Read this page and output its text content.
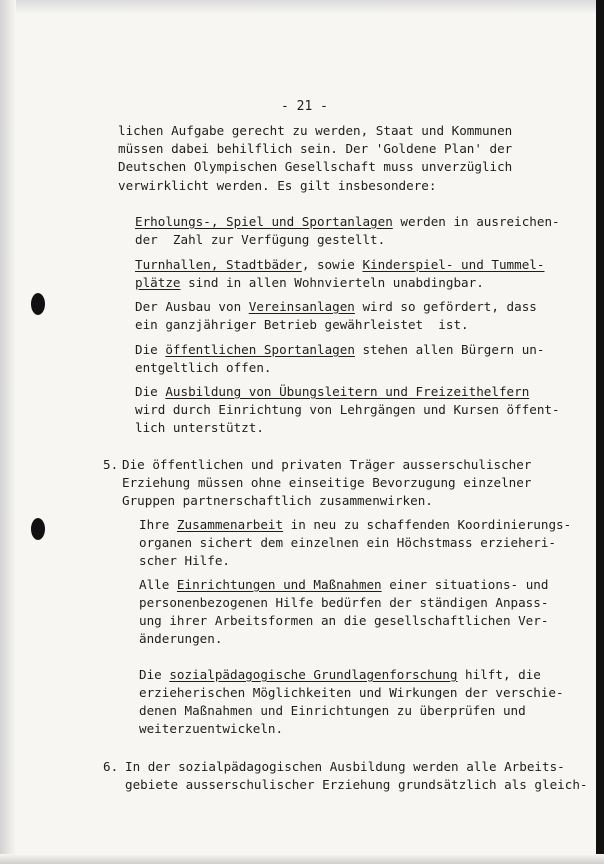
- 21 -
lichen Aufgabe gerecht zu werden, Staat und Kommunen
müssen dabei behilflich sein. Der 'Goldene Plan' der
Deutschen Olympischen Gesellschaft muss unverzüglich
verwirklicht werden. Es gilt insbesondere:
Erholungs-, Spiel und Sportanlagen werden in ausreichen-
der  Zahl zur Verfügung gestellt.
Turnhallen, Stadtbäder, sowie Kinderspiel- und Tummel-
plätze sind in allen Wohnvierteln unabdingbar.
Der Ausbau von Vereinsanlagen wird so gefördert, dass
ein ganzjähriger Betrieb gewährleistet  ist.
Die öffentlichen Sportanlagen stehen allen Bürgern un-
entgeltlich offen.
Die Ausbildung von Übungsleitern und Freizeithelfern
wird durch Einrichtung von Lehrgängen und Kursen öffent-
lich unterstützt.
5. Die öffentlichen und privaten Träger ausserschulischer
Erziehung müssen ohne einseitige Bevorzugung einzelner
Gruppen partnerschaftlich zusammenwirken.
Ihre Zusammenarbeit in neu zu schaffenden Koordinierungs-
organen sichert dem einzelnen ein Höchstmass erzieheri-
scher Hilfe.
Alle Einrichtungen und Maßnahmen einer situations- und
personenbezogenen Hilfe bedürfen der ständigen Anpass-
ung ihrer Arbeitsformen an die gesellschaftlichen Ver-
änderungen.
Die sozialpädagogische Grundlagenforschung hilft, die
erzieherischen Möglichkeiten und Wirkungen der verschie-
denen Maßnahmen und Einrichtungen zu überprüfen und
weiterzuentwickeln.
6. In der sozialpädagogischen Ausbildung werden alle Arbeits-
gebiete ausserschulischer Erziehung grundsätzlich als gleich-
